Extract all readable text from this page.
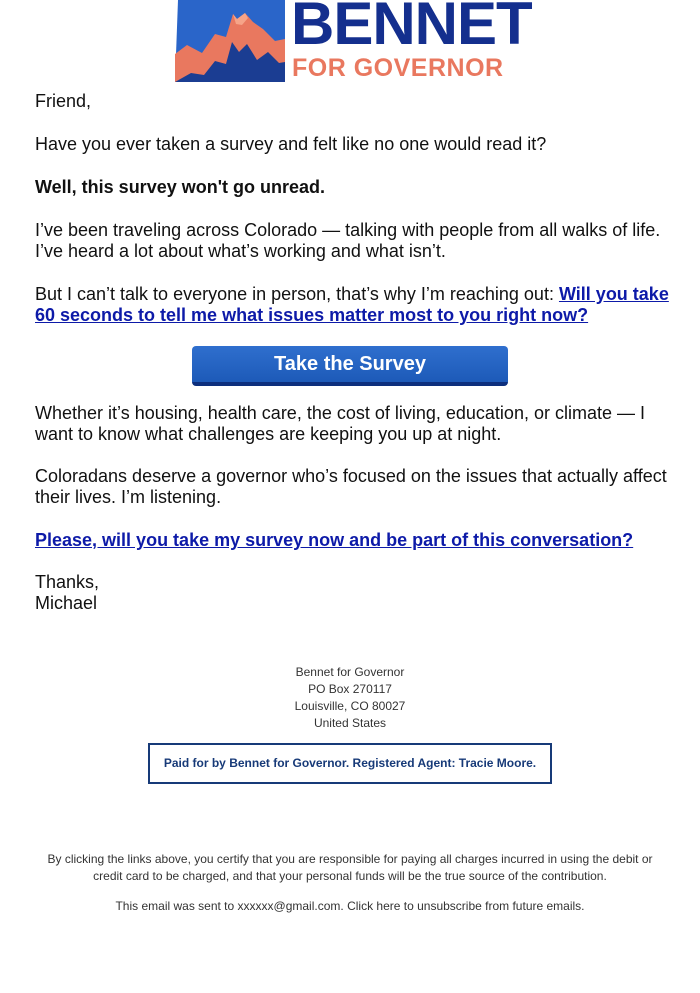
BENNET
FOR GOVERNOR

Friend,

Have you ever taken a survey and felt like no one would read it?

Well, this survey won't go unread.

I’ve been traveling across Colorado — talking with people from all walks of life. I’ve heard a lot about what’s working and what isn’t.

But I can’t talk to everyone in person, that’s why I’m reaching out: Will you take 60 seconds to tell me what issues matter most to you right now?

Take the Survey

Whether it’s housing, health care, the cost of living, education, or climate — I want to know what challenges are keeping you up at night.

Coloradans deserve a governor who’s focused on the issues that actually affect their lives. I’m listening.

Please, will you take my survey now and be part of this conversation?

Thanks,

Michael

Bennet for Governor
PO Box 270117
Louisville, CO 80027
United States
Paid for by Bennet for Governor. Registered Agent: Tracie Moore.
By clicking the links above, you certify that you are responsible for paying all charges incurred in using the debit or credit card to be charged, and that your personal funds will be the true source of the contribution.
This email was sent to xxxxxx@gmail.com. Click here to unsubscribe from future emails.
